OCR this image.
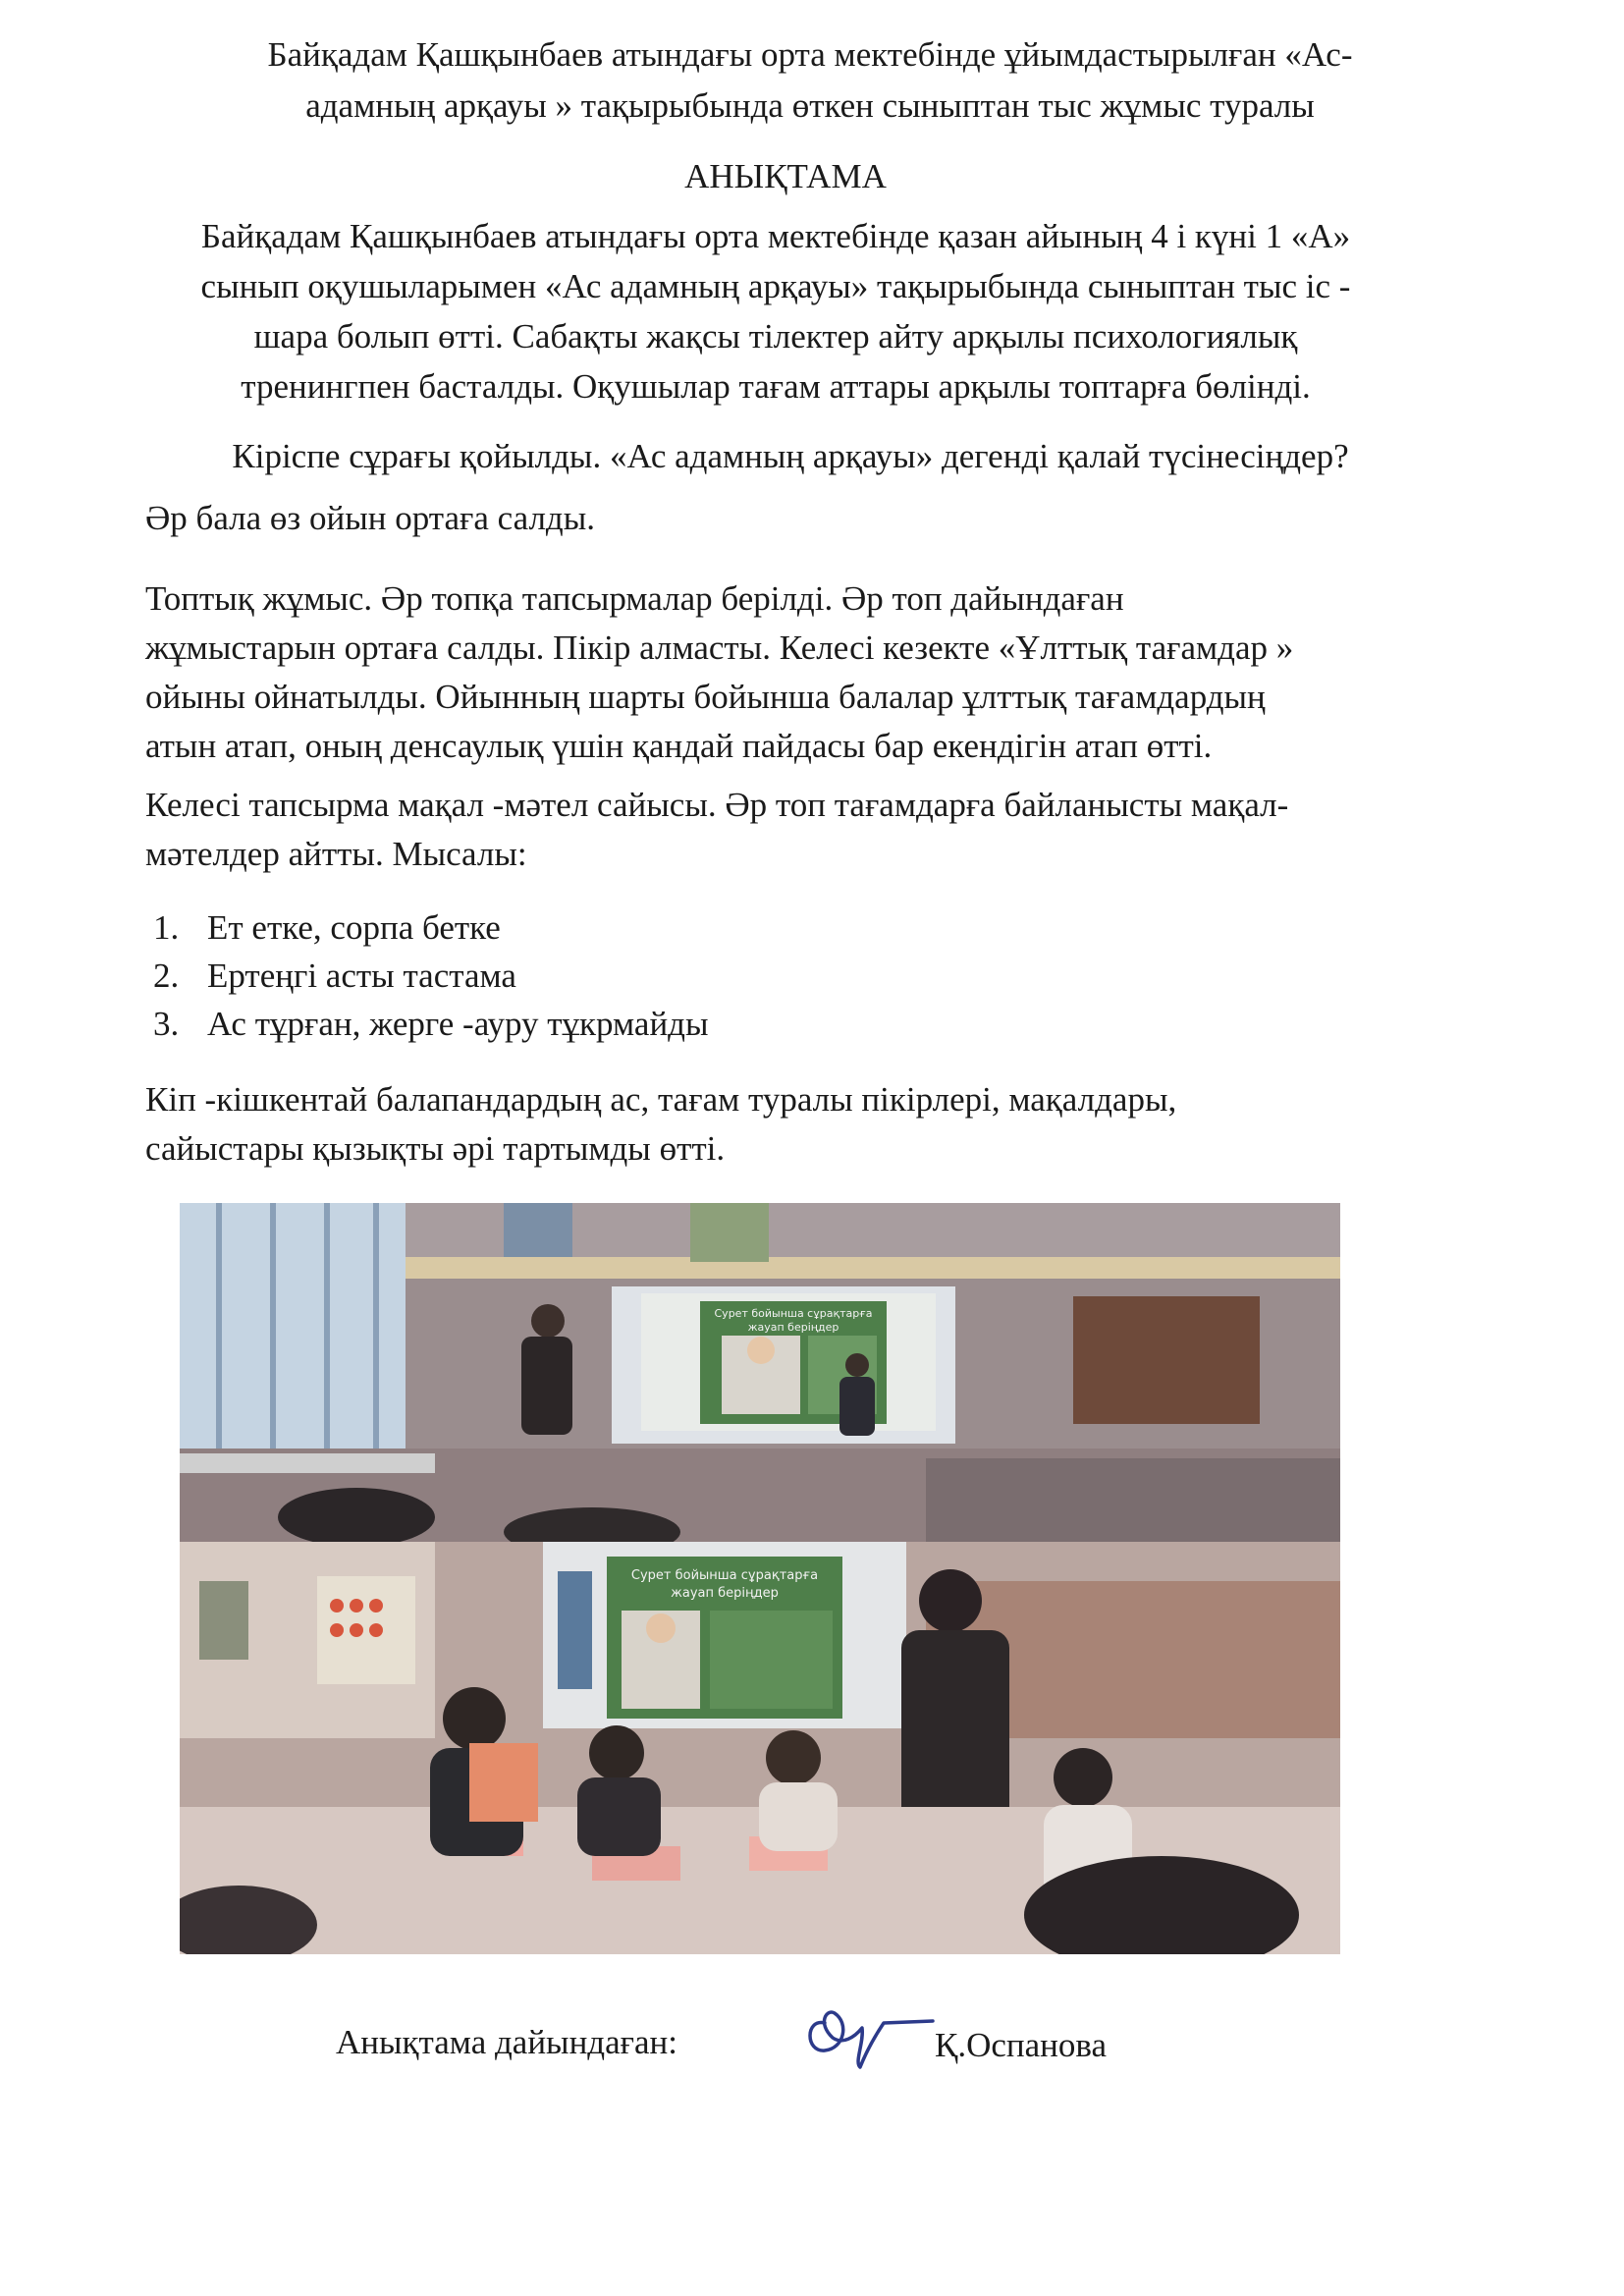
Байқадам Қашқынбаев атындағы орта мектебінде ұйымдастырылған «Ас-
адамның арқауы » тақырыбында өткен сыныптан тыс жұмыс туралы
АНЫҚТАМА
Байқадам Қашқынбаев атындағы орта мектебінде қазан айының 4 і күні 1 «А»
сынып оқушыларымен «Ас адамның арқауы» тақырыбында сыныптан тыс іс -
шара болып өтті. Сабақты жақсы тілектер айту арқылы психологиялық
тренингпен басталды. Оқушылар тағам аттары арқылы топтарға бөлінді.
Кіріспе сұрағы қойылды. «Ас адамның арқауы» дегенді қалай түсінесіңдер?
Әр бала өз ойын ортаға салды.
Топтық жұмыс. Әр топқа тапсырмалар берілді. Әр топ дайындаған
жұмыстарын ортаға салды. Пікір алмасты. Келесі кезекте «Ұлттық тағамдар »
ойыны ойнатылды. Ойынның шарты бойынша балалар ұлттық тағамдардың
атын атап, оның денсаулық үшін қандай пайдасы бар екендігін атап өтті.
Келесі тапсырма мақал -мәтел сайысы. Әр топ тағамдарға байланысты мақал-
мәтелдер айтты. Мысалы:
1. Ет етке, сорпа бетке
2. Ертеңгі асты тастама
3. Ас тұрған, жерге -ауру тұкрмайды
Кіп -кішкентай балапандардың ас, тағам туралы пікірлері, мақалдары,
сайыстары қызықты әрі тартымды өтті.
Сурет бойынша сұрақтарға
жауап беріңдер
Сурет бойынша сұрақтарға
жауап беріңдер
Анықтама дайындаған:	Қ.Оспанова
